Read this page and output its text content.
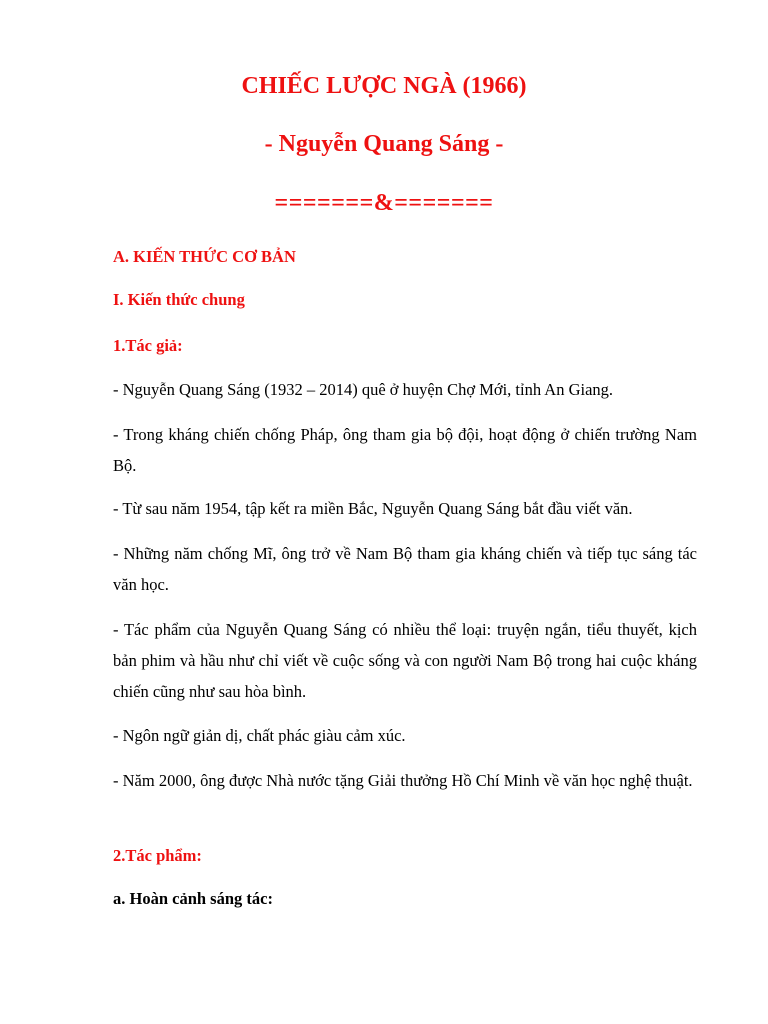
CHIẾC LƯỢC NGÀ (1966)
- Nguyễn Quang Sáng -
=======&=======
A. KIẾN THỨC CƠ BẢN
I. Kiến thức chung
1.Tác giả:
- Nguyễn Quang Sáng (1932 – 2014) quê ở huyện Chợ Mới, tỉnh An Giang.
- Trong kháng chiến chống Pháp, ông tham gia bộ đội, hoạt động ở chiến trường Nam Bộ.
- Từ sau năm 1954, tập kết ra miền Bắc, Nguyễn Quang Sáng bắt đầu viết văn.
- Những năm chống Mĩ, ông trở về Nam Bộ tham gia kháng chiến và tiếp tục sáng tác văn học.
- Tác phẩm của Nguyễn Quang Sáng có nhiều thể loại: truyện ngắn, tiểu thuyết, kịch bản phim và hầu như chỉ viết về cuộc sống và con người Nam Bộ trong hai cuộc kháng chiến cũng như sau hòa bình.
- Ngôn ngữ giản dị, chất phác giàu cảm xúc.
- Năm 2000, ông được Nhà nước tặng Giải thưởng Hồ Chí Minh về văn học nghệ thuật.
2.Tác phẩm:
a. Hoàn cảnh sáng tác:
